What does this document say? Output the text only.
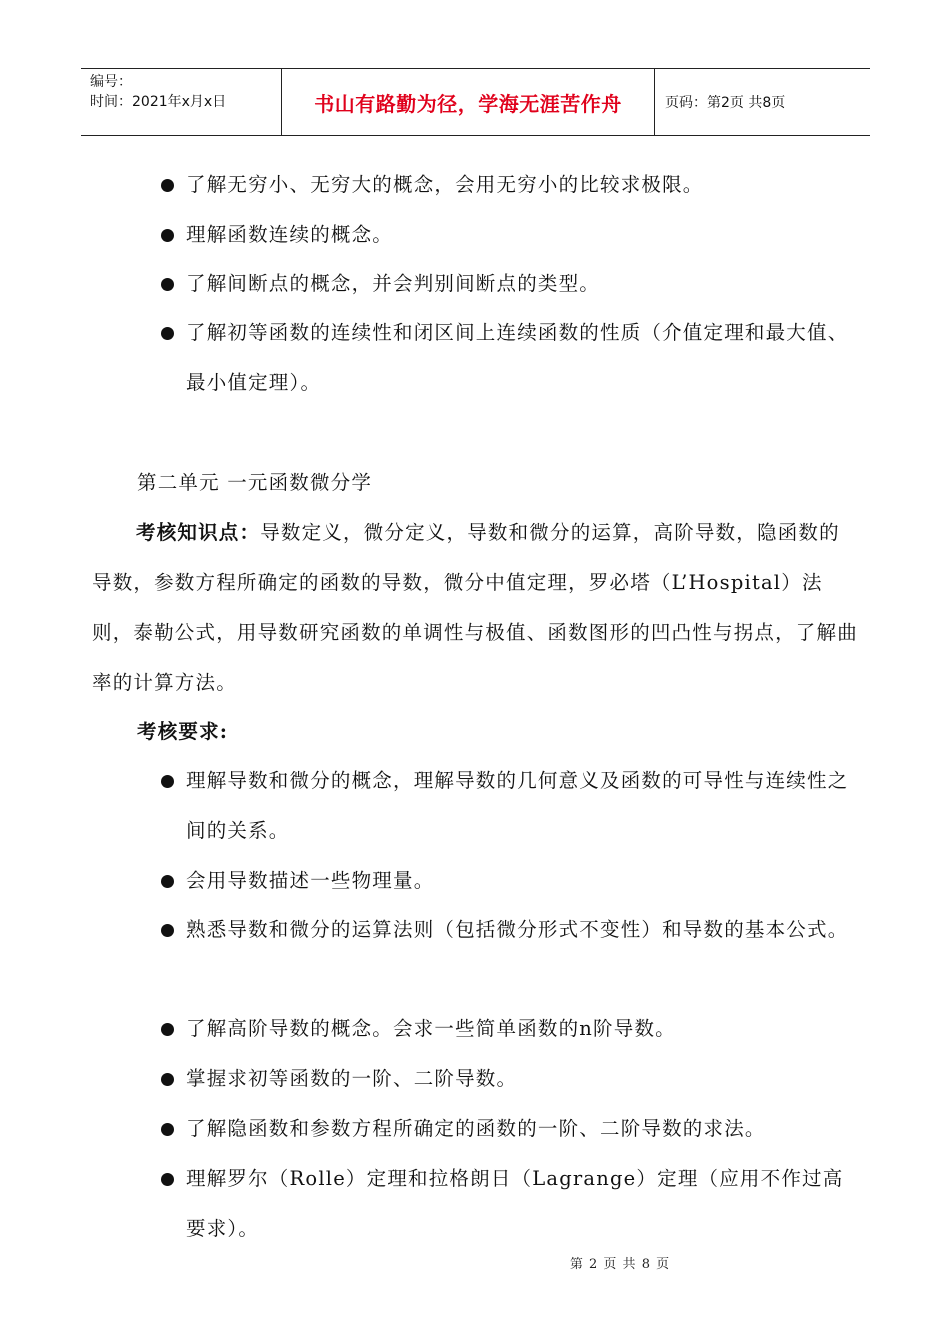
编号：
时间：2021年x月x日	书山有路勤为径，学海无涯苦作舟	页码：第2页 共8页
了解无穷小、无穷大的概念，会用无穷小的比较求极限。
理解函数连续的概念。
了解间断点的概念，并会判别间断点的类型。
了解初等函数的连续性和闭区间上连续函数的性质（介值定理和最大值、最小值定理）。
第二单元 一元函数微分学
考核知识点：导数定义，微分定义，导数和微分的运算，高阶导数，隐函数的导数，参数方程所确定的函数的导数，微分中值定理，罗必塔（L’Hospital）法则，泰勒公式，用导数研究函数的单调性与极值、函数图形的凹凸性与拐点，了解曲率的计算方法。
考核要求:
理解导数和微分的概念，理解导数的几何意义及函数的可导性与连续性之间的关系。
会用导数描述一些物理量。
熟悉导数和微分的运算法则（包括微分形式不变性）和导数的基本公式。
了解高阶导数的概念。会求一些简单函数的n阶导数。
掌握求初等函数的一阶、二阶导数。
了解隐函数和参数方程所确定的函数的一阶、二阶导数的求法。
理解罗尔（Rolle）定理和拉格朗日（Lagrange）定理（应用不作过高要求）。
第 2 页 共 8 页
